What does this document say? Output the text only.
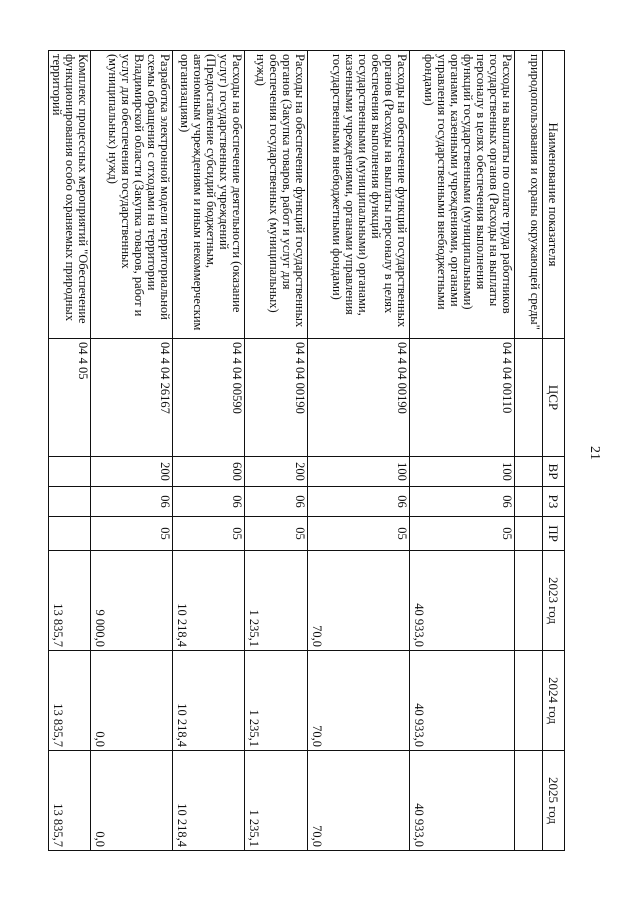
21
Наименование показателя	ЦСР	ВР	РЗ	ПР	2023 год	2024 год	2025 год
природопользования и охраны окружающей среды"							
Расходы на выплаты по оплате труда работников государственных органов (Расходы на выплаты персоналу в целях обеспечения выполнения функций государственными (муниципальными) органами, казенными учреждениями, органами управления государственными внебюджетными фондами)	04 4 04 00110	100	06	05	40 933,0	40 933,0	40 933,0
Расходы на обеспечение функций государственных органов (Расходы на выплаты персоналу в целях обеспечения выполнения функций государственными (муниципальными) органами, казенными учреждениями, органами управления государственными внебюджетными фондами)	04 4 04 00190	100	06	05	70,0	70,0	70,0
Расходы на обеспечение функций государственных органов (Закупка товаров, работ и услуг для обеспечения государственных (муниципальных) нужд)	04 4 04 00190	200	06	05	1 235,1	1 235,1	1 235,1
Расходы на обеспечение деятельности (оказание услуг) государственных учреждений (Предоставление субсидий бюджетным, автономным учреждениям и иным некоммерческим организациям)	04 4 04 00590	600	06	05	10 218,4	10 218,4	10 218,4
Разработка электронной модели территориальной схемы обращения с отходами на территории Владимирской области (Закупка товаров, работ и услуг для обеспечения государственных (муниципальных) нужд)	04 4 04 26167	200	06	05	9 000,0	0,0	0,0
Комплекс процессных мероприятий "Обеспечение функционирования особо охраняемых природных территорий	04 4 05				13 835,7	13 835,7	13 835,7
